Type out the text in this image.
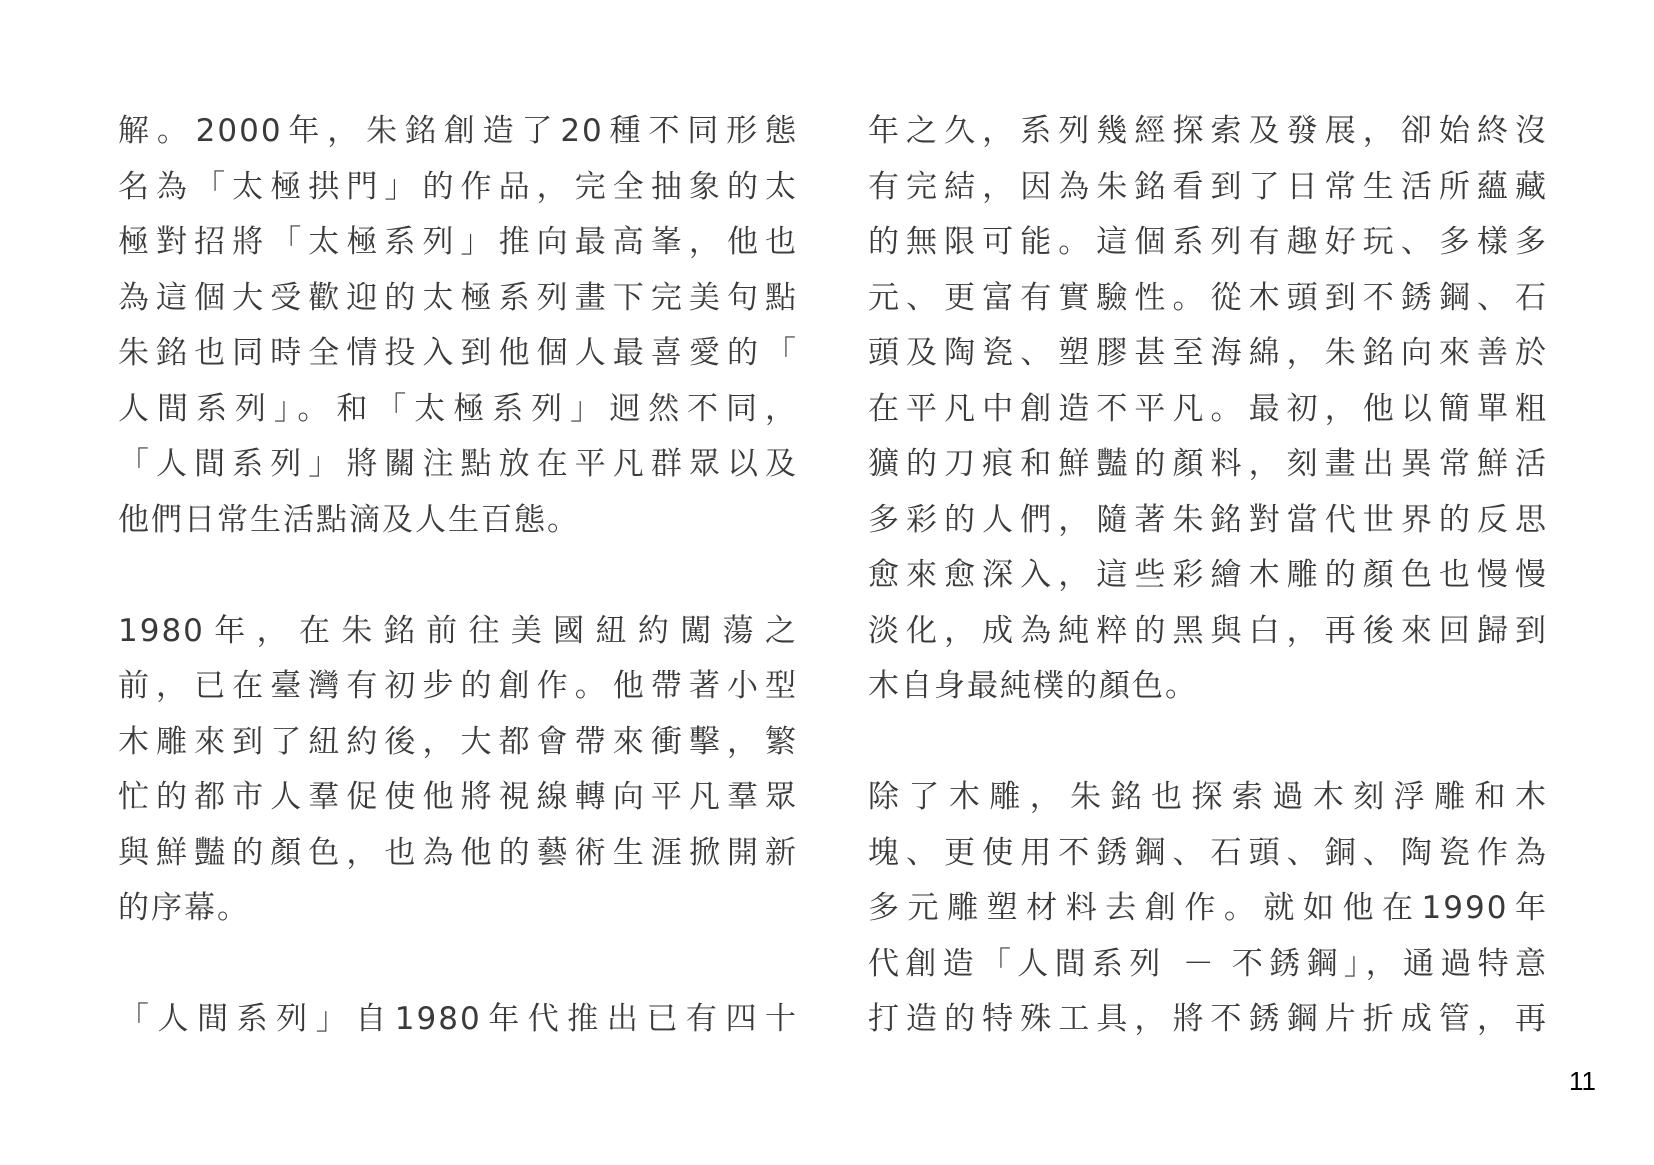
解。2000年，朱銘創造了20種不同形態
名為「太極拱門」的作品，完全抽象的太
極對招將「太極系列」推向最高峯，他也
為這個大受歡迎的太極系列畫下完美句點
朱銘也同時全情投入到他個人最喜愛的「
人間系列」。和「太極系列」迥然不同，
「人間系列」將關注點放在平凡群眾以及
他們日常生活點滴及人生百態。
1980年，在朱銘前往美國紐約闖蕩之
前，已在臺灣有初步的創作。他帶著小型
木雕來到了紐約後，大都會帶來衝擊，繁
忙的都市人羣促使他將視線轉向平凡羣眾
與鮮豔的顏色，也為他的藝術生涯掀開新
的序幕。
「人間系列」自1980年代推出已有四十
年之久，系列幾經探索及發展，卻始終沒
有完結，因為朱銘看到了日常生活所蘊藏
的無限可能。這個系列有趣好玩、多樣多
元、更富有實驗性。從木頭到不銹鋼、石
頭及陶瓷、塑膠甚至海綿，朱銘向來善於
在平凡中創造不平凡。最初，他以簡單粗
獷的刀痕和鮮豔的顏料，刻畫出異常鮮活
多彩的人們，隨著朱銘對當代世界的反思
愈來愈深入，這些彩繪木雕的顏色也慢慢
淡化，成為純粹的黑與白，再後來回歸到
木自身最純樸的顏色。
除了木雕，朱銘也探索過木刻浮雕和木
塊、更使用不銹鋼、石頭、銅、陶瓷作為
多元雕塑材料去創作。就如他在1990年
代創造「人間系列 － 不銹鋼」，通過特意
打造的特殊工具，將不銹鋼片折成管，再
11
